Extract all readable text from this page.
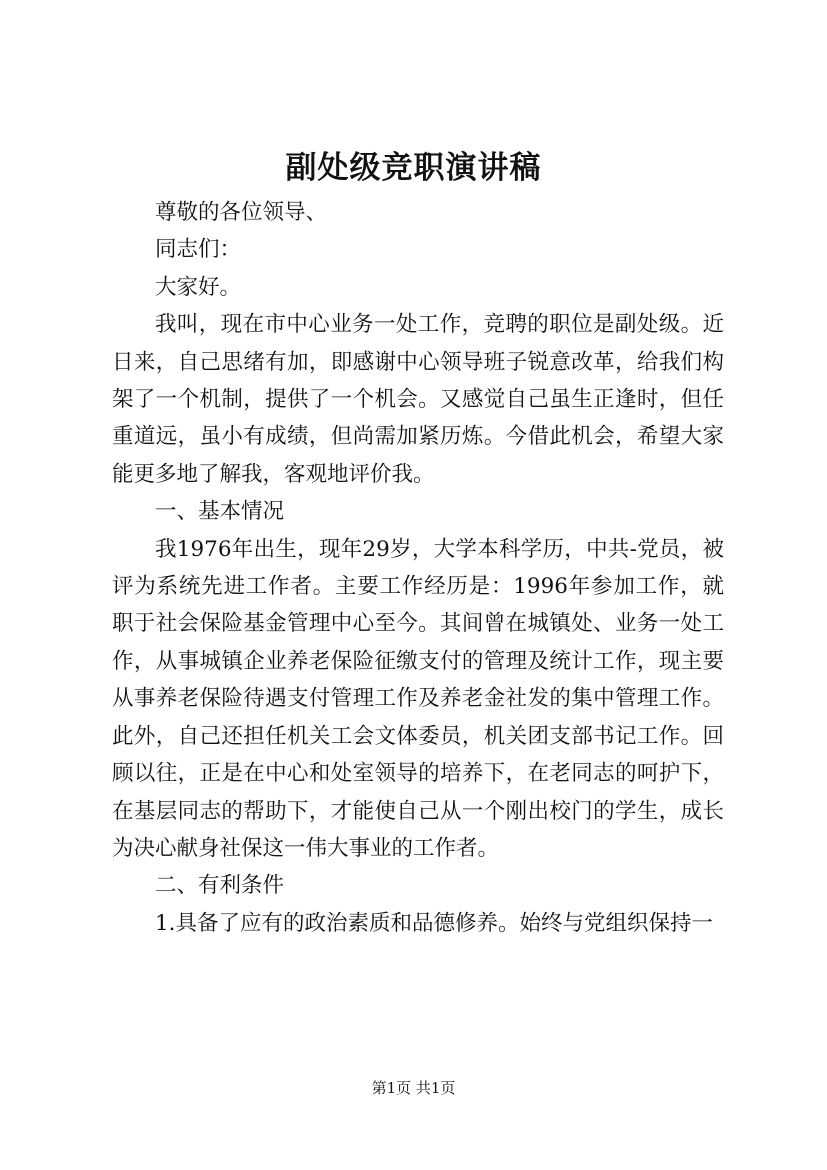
副处级竞职演讲稿

尊敬的各位领导、

同志们：

大家好。

我叫，现在市中心业务一处工作，竞聘的职位是副处级。近日来，自己思绪有加，即感谢中心领导班子锐意改革，给我们构架了一个机制，提供了一个机会。又感觉自己虽生正逢时，但任重道远，虽小有成绩，但尚需加紧历炼。今借此机会，希望大家能更多地了解我，客观地评价我。

一、基本情况

我1976年出生，现年29岁，大学本科学历，中共-党员，被评为系统先进工作者。主要工作经历是：1996年参加工作，就职于社会保险基金管理中心至今。其间曾在城镇处、业务一处工作，从事城镇企业养老保险征缴支付的管理及统计工作，现主要从事养老保险待遇支付管理工作及养老金社发的集中管理工作。此外，自己还担任机关工会文体委员，机关团支部书记工作。回顾以往，正是在中心和处室领导的培养下，在老同志的呵护下，在基层同志的帮助下，才能使自己从一个刚出校门的学生，成长为决心献身社保这一伟大事业的工作者。

二、有利条件

1.具备了应有的政治素质和品德修养。始终与党组织保持一

第1页 共1页
